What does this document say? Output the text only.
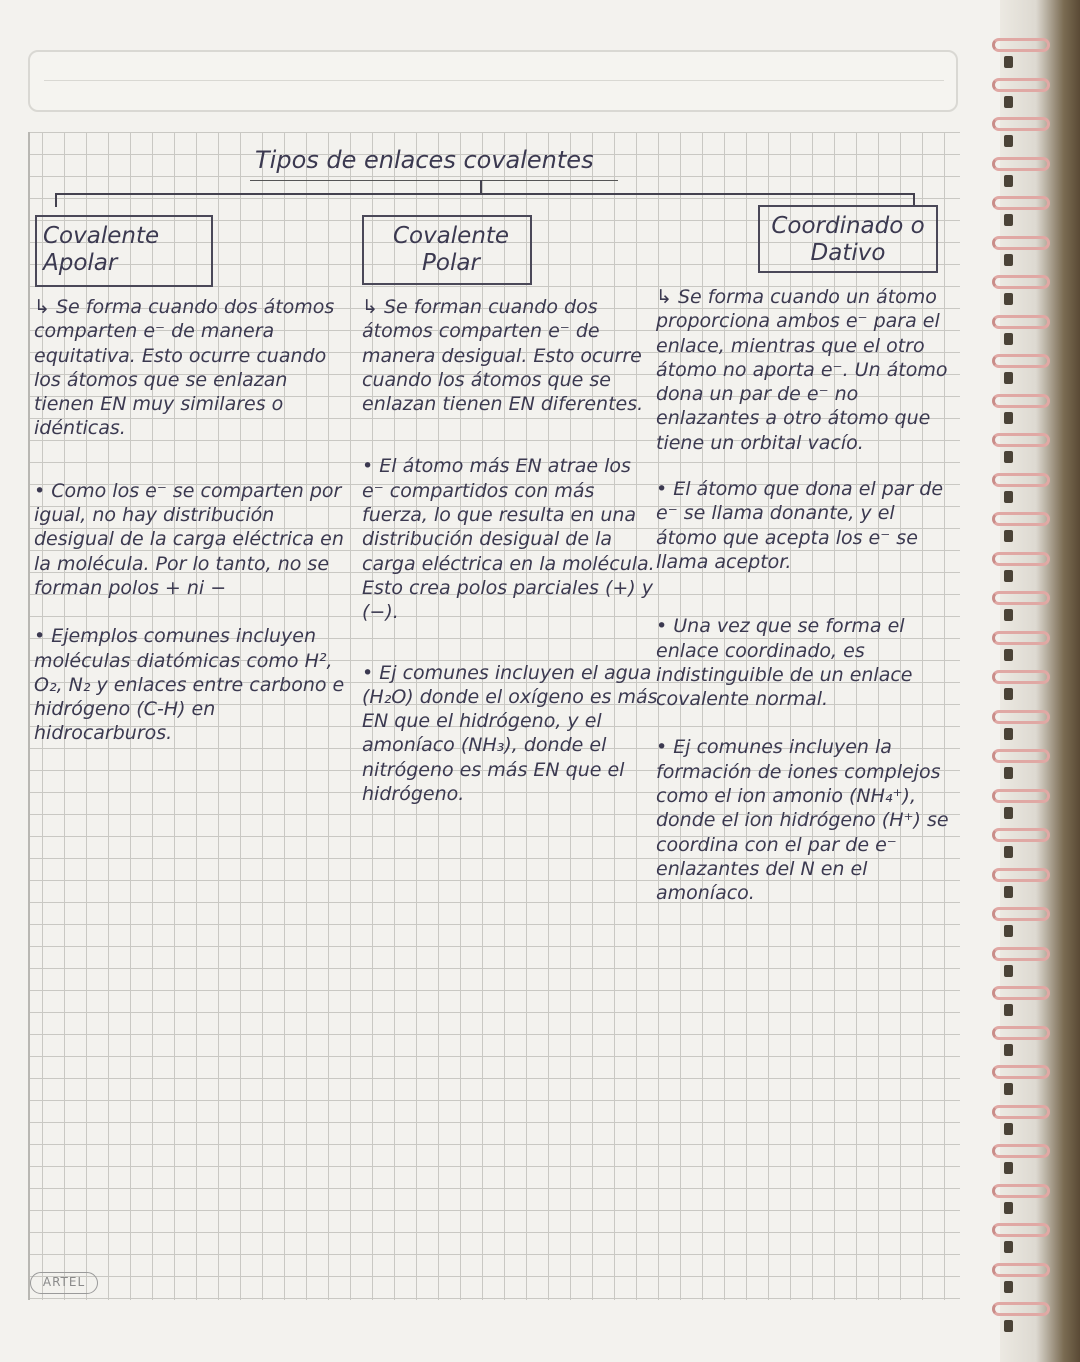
Tipos de enlaces covalentes
Covalente Apolar
Covalente Polar
Coordinado o Dativo

↳ Se forma cuando dos átomos comparten e⁻ de manera equitativa. Esto ocurre cuando los átomos que se enlazan tienen EN muy similares o idénticas.

• Como los e⁻ se comparten por igual, no hay distribución desigual de la carga eléctrica en la molécula. Por lo tanto, no se forman polos + ni −

• Ejemplos comunes incluyen moléculas diatómicas como H², O₂, N₂ y enlaces entre carbono e hidrógeno (C-H) en hidrocarburos.

↳ Se forman cuando dos átomos comparten e⁻ de manera desigual. Esto ocurre cuando los átomos que se enlazan tienen EN diferentes.

• El átomo más EN atrae los e⁻ compartidos con más fuerza, lo que resulta en una distribución desigual de la carga eléctrica en la molécula. Esto crea polos parciales (+) y (−).

• Ej comunes incluyen el agua (H₂O) donde el oxígeno es más EN que el hidrógeno, y el amoníaco (NH₃), donde el nitrógeno es más EN que el hidrógeno.

↳ Se forma cuando un átomo proporciona ambos e⁻ para el enlace, mientras que el otro átomo no aporta e⁻. Un átomo dona un par de e⁻ no enlazantes a otro átomo que tiene un orbital vacío.

• El átomo que dona el par de e⁻ se llama donante, y el átomo que acepta los e⁻ se llama aceptor.

• Una vez que se forma el enlace coordinado, es indistinguible de un enlace covalente normal.

• Ej comunes incluyen la formación de iones complejos como el ion amonio (NH₄⁺), donde el ion hidrógeno (H⁺) se coordina con el par de e⁻ enlazantes del N en el amoníaco.

ARTEL
